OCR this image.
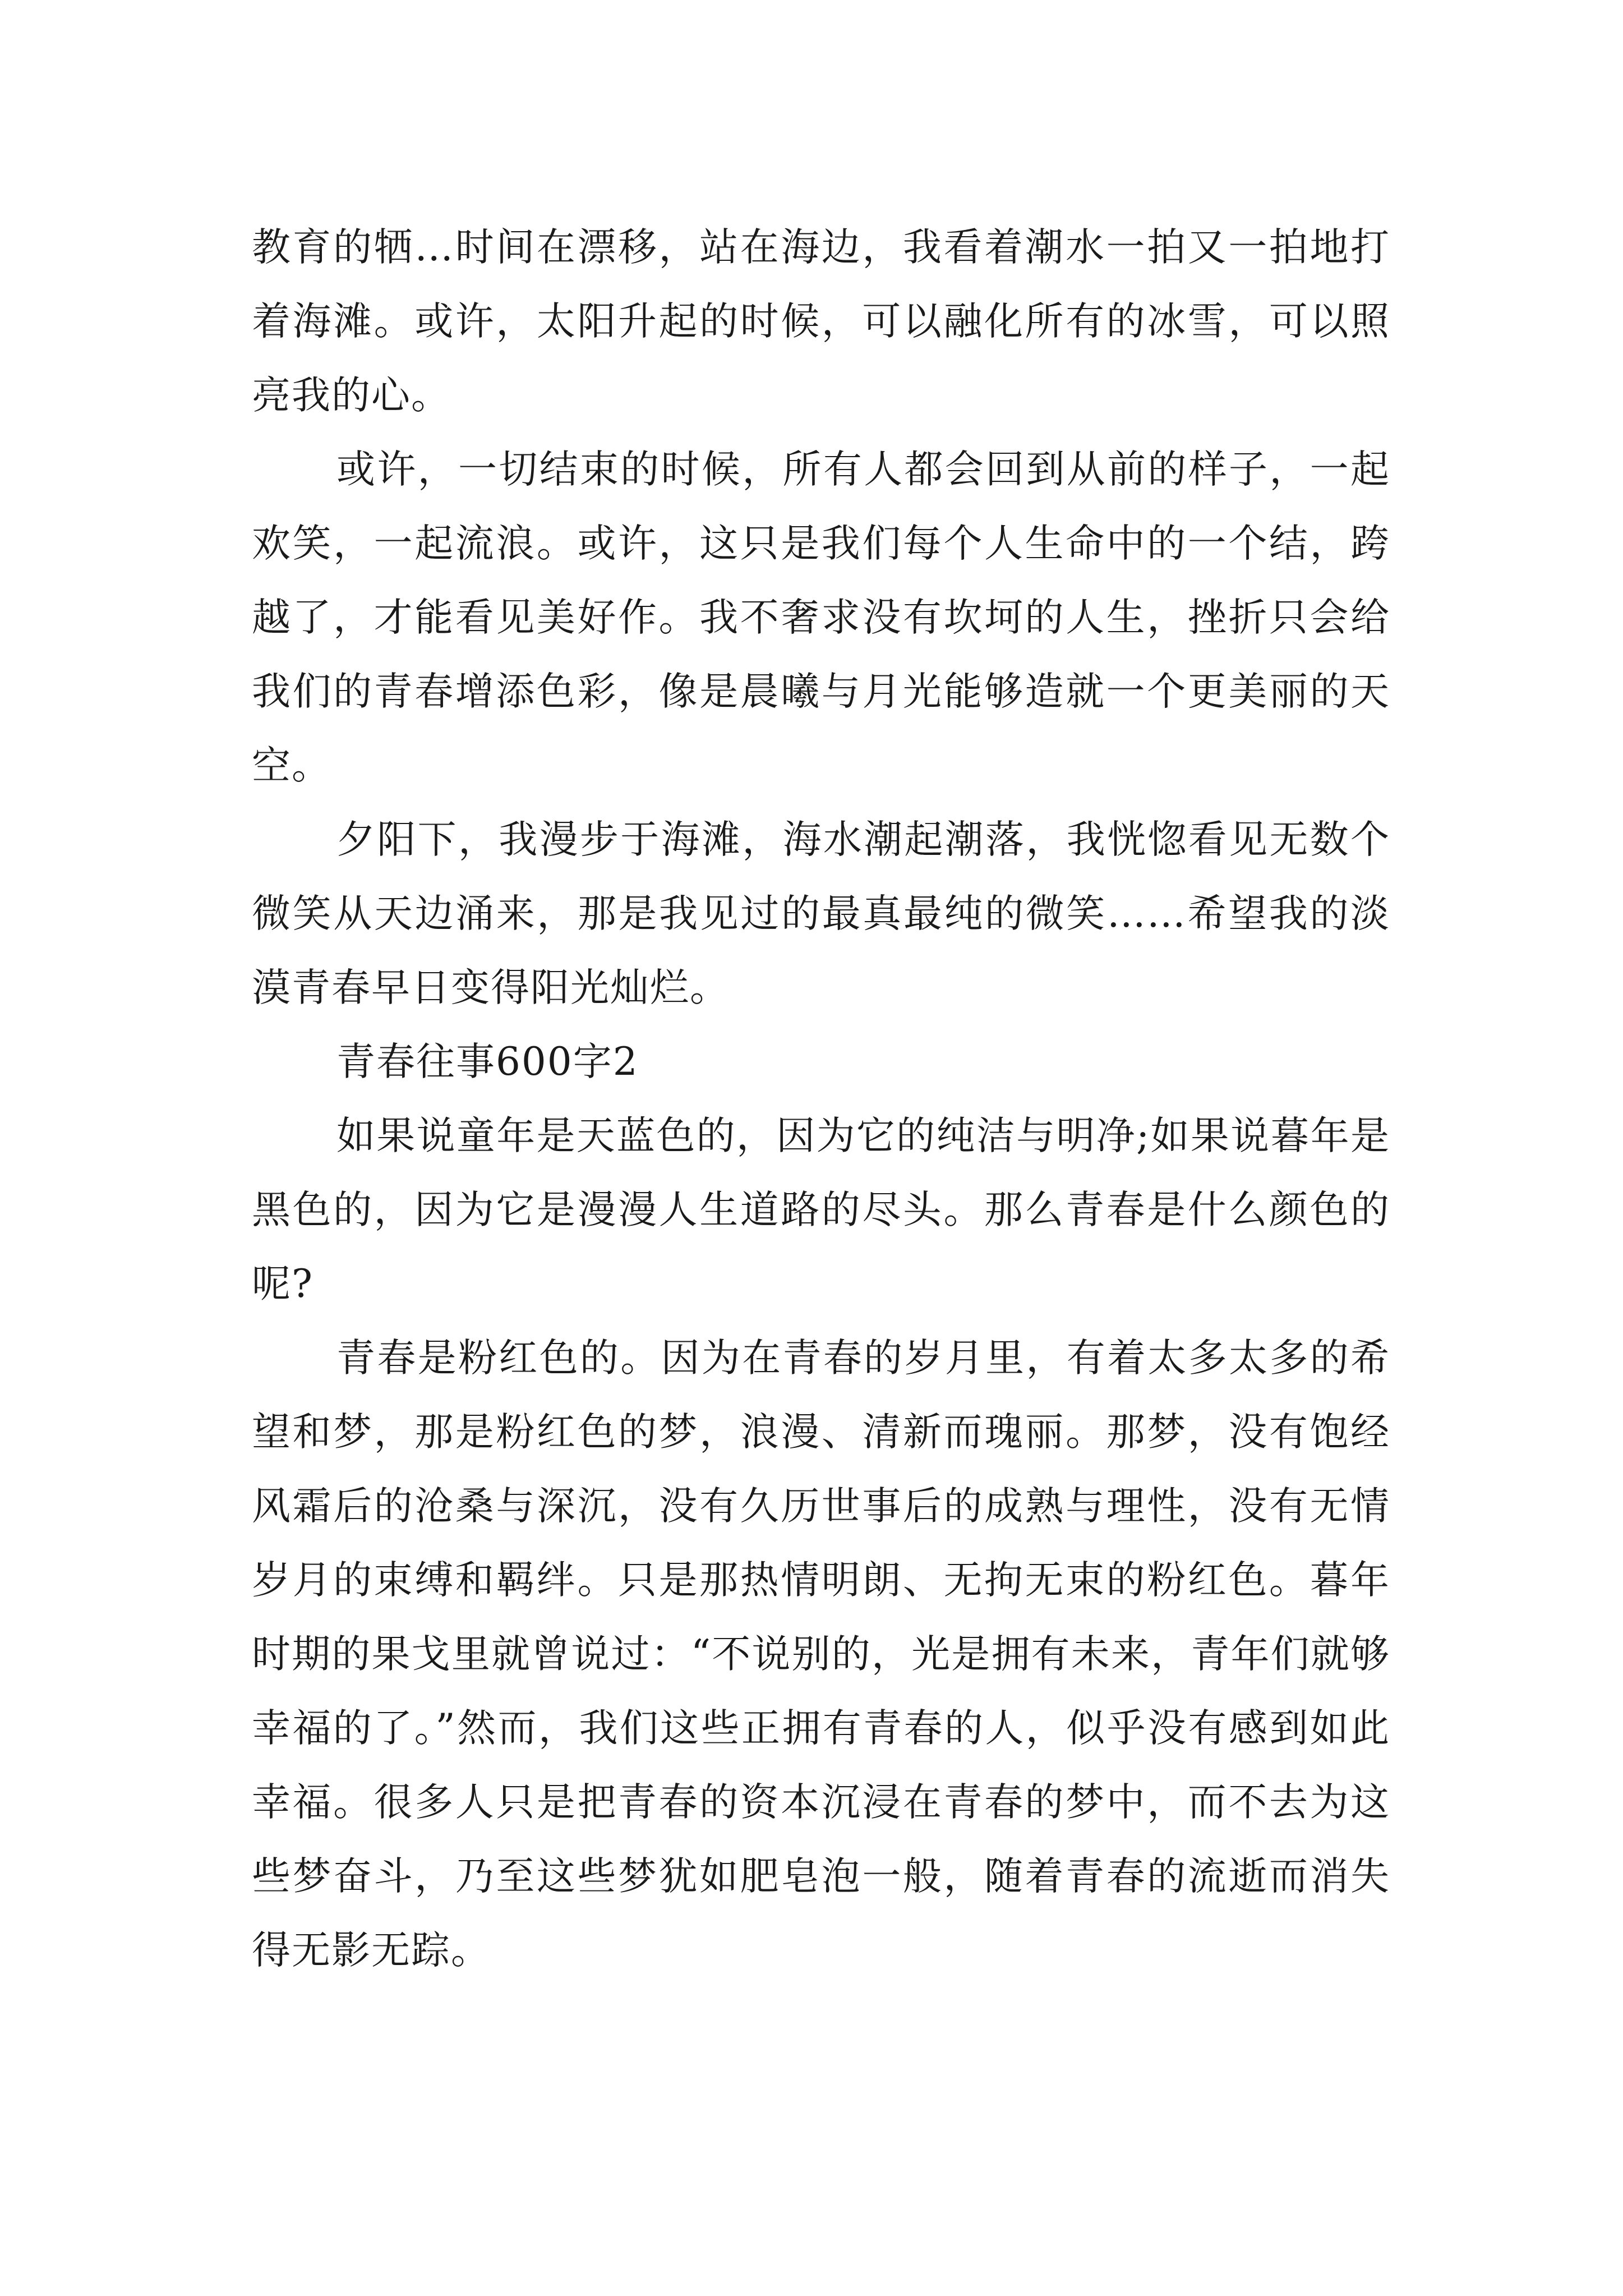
教育的牺…时间在漂移，站在海边，我看着潮水一拍又一拍地打着海滩。或许，太阳升起的时候，可以融化所有的冰雪，可以照亮我的心。

或许，一切结束的时候，所有人都会回到从前的样子，一起欢笑，一起流浪。或许，这只是我们每个人生命中的一个结，跨越了，才能看见美好作。我不奢求没有坎坷的人生，挫折只会给我们的青春增添色彩，像是晨曦与月光能够造就一个更美丽的天空。

夕阳下，我漫步于海滩，海水潮起潮落，我恍惚看见无数个微笑从天边涌来，那是我见过的最真最纯的微笑……希望我的淡漠青春早日变得阳光灿烂。

青春往事600字2

如果说童年是天蓝色的，因为它的纯洁与明净;如果说暮年是黑色的，因为它是漫漫人生道路的尽头。那么青春是什么颜色的呢?

青春是粉红色的。因为在青春的岁月里，有着太多太多的希望和梦，那是粉红色的梦，浪漫、清新而瑰丽。那梦，没有饱经风霜后的沧桑与深沉，没有久历世事后的成熟与理性，没有无情岁月的束缚和羁绊。只是那热情明朗、无拘无束的粉红色。暮年时期的果戈里就曾说过：“不说别的，光是拥有未来，青年们就够幸福的了。”然而，我们这些正拥有青春的人，似乎没有感到如此幸福。很多人只是把青春的资本沉浸在青春的梦中，而不去为这些梦奋斗，乃至这些梦犹如肥皂泡一般，随着青春的流逝而消失得无影无踪。
